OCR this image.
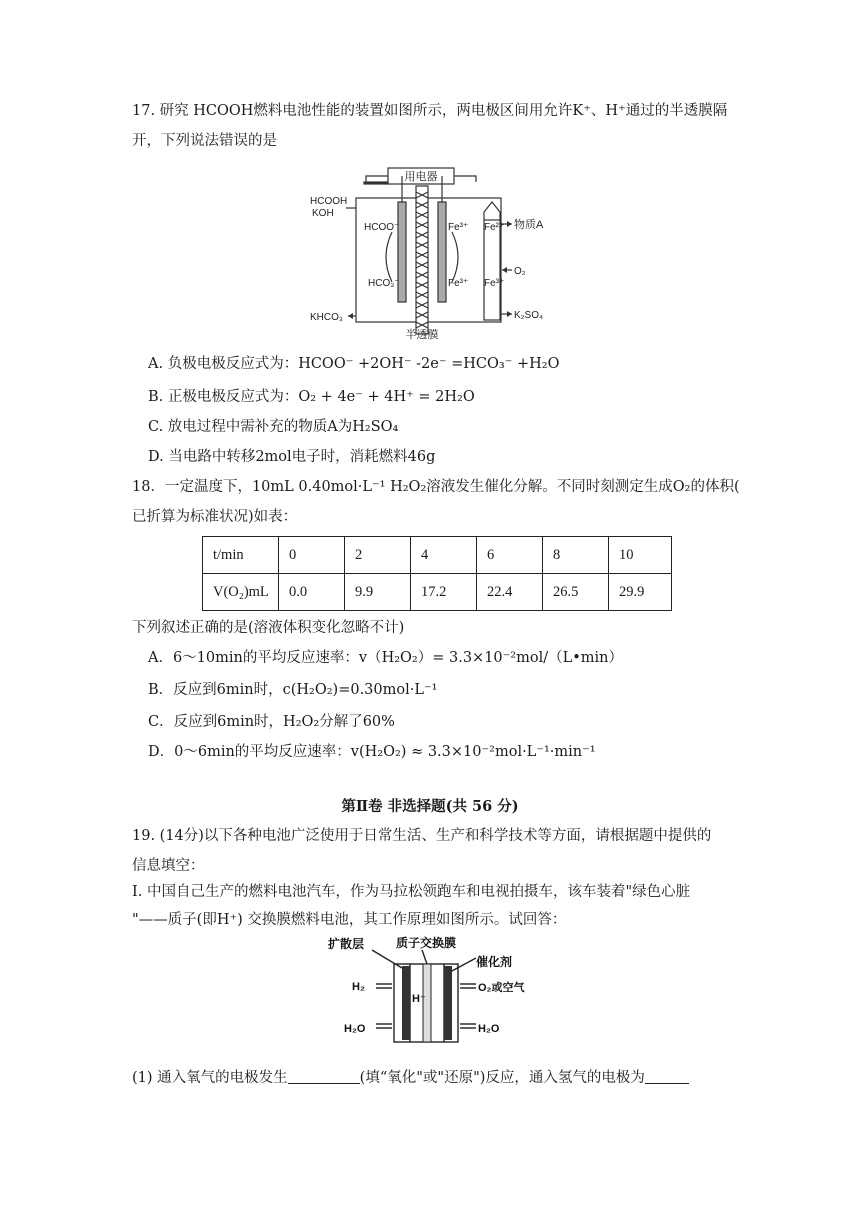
17. 研究 HCOOH燃料电池性能的装置如图所示，两电极区间用允许K⁺、H⁺通过的半透膜隔
开，下列说法错误的是
用电器
HCOOH
KOH
HCOO⁻
HCO₃⁻
Fe³⁺
Fe³⁺
Fe²⁺
Fe³⁺
物质A
O₂
KHCO₃	K₂SO₄
半透膜
A. 负极电极反应式为：HCOO⁻ +2OH⁻ -2e⁻ =HCO₃⁻ +H₂O
B. 正极电极反应式为：O₂ + 4e⁻ + 4H⁺ = 2H₂O
C. 放电过程中需补充的物质A为H₂SO₄
D. 当电路中转移2mol电子时，消耗燃料46g
18．一定温度下，10mL 0.40mol·L⁻¹ H₂O₂溶液发生催化分解。不同时刻测定生成O₂的体积(
已折算为标准状况)如表：
t/min	0	2	4	6	8	10
V(O₂)mL	0.0	9.9	17.2	22.4	26.5	29.9
下列叙述正确的是(溶液体积变化忽略不计)
A．6～10min的平均反应速率：v（H₂O₂）= 3.3×10⁻²mol/（L•min）
B．反应到6min时，c(H₂O₂)=0.30mol·L⁻¹
C．反应到6min时，H₂O₂分解了60%
D．0～6min的平均反应速率：v(H₂O₂) ≈ 3.3×10⁻²mol·L⁻¹·min⁻¹
第Ⅱ卷 非选择题(共 56 分)
19. (14分)以下各种电池广泛使用于日常生活、生产和科学技术等方面，请根据题中提供的
信息填空：
I. 中国自己生产的燃料电池汽车，作为马拉松领跑车和电视拍摄车，该车装着"绿色心脏
"——质子(即H⁺) 交换膜燃料电池，其工作原理如图所示。试回答：
扩散层	质子交换膜
催化剂
H₂
H⁺
O₂或空气
H₂O	H₂O
(1) 通入氧气的电极发生	(填“氧化"或"还原")反应，通入氢气的电极为
